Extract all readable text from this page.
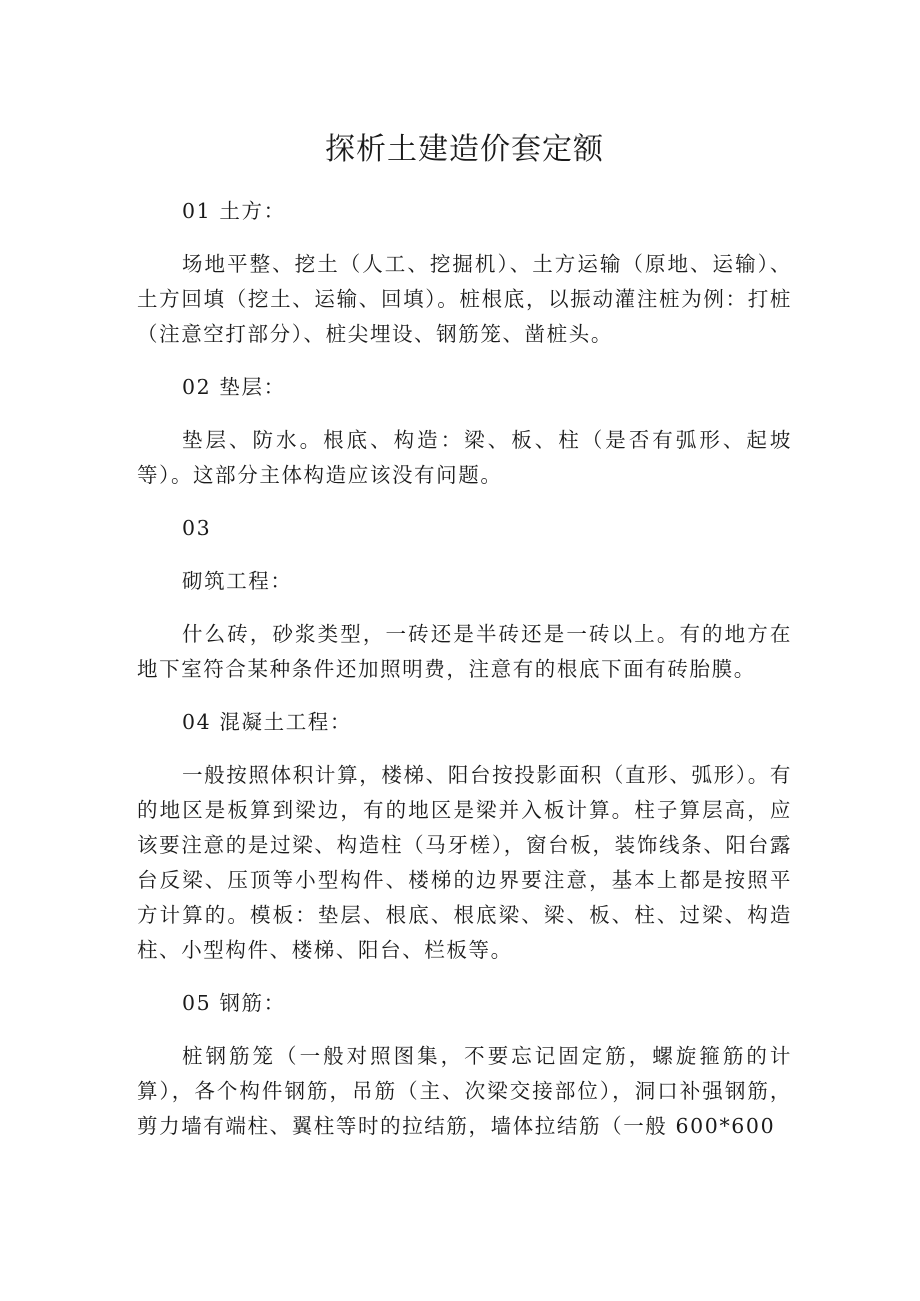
探析土建造价套定额

01 土方：

场地平整、挖土（人工、挖掘机）、土方运输（原地、运输）、土方回填（挖土、运输、回填）。桩根底，以振动灌注桩为例：打桩（注意空打部分）、桩尖埋设、钢筋笼、凿桩头。

02 垫层：

垫层、防水。根底、构造：梁、板、柱（是否有弧形、起坡等）。这部分主体构造应该没有问题。

03

砌筑工程：

什么砖，砂浆类型，一砖还是半砖还是一砖以上。有的地方在地下室符合某种条件还加照明费，注意有的根底下面有砖胎膜。

04 混凝土工程：

一般按照体积计算，楼梯、阳台按投影面积（直形、弧形）。有的地区是板算到梁边，有的地区是梁并入板计算。柱子算层高，应该要注意的是过梁、构造柱（马牙槎），窗台板，装饰线条、阳台露台反梁、压顶等小型构件、楼梯的边界要注意，基本上都是按照平方计算的。模板：垫层、根底、根底梁、梁、板、柱、过梁、构造柱、小型构件、楼梯、阳台、栏板等。

05 钢筋：

桩钢筋笼（一般对照图集，不要忘记固定筋，螺旋箍筋的计算），各个构件钢筋，吊筋（主、次梁交接部位），洞口补强钢筋，剪力墙有端柱、翼柱等时的拉结筋，墙体拉结筋（一般 600*600
